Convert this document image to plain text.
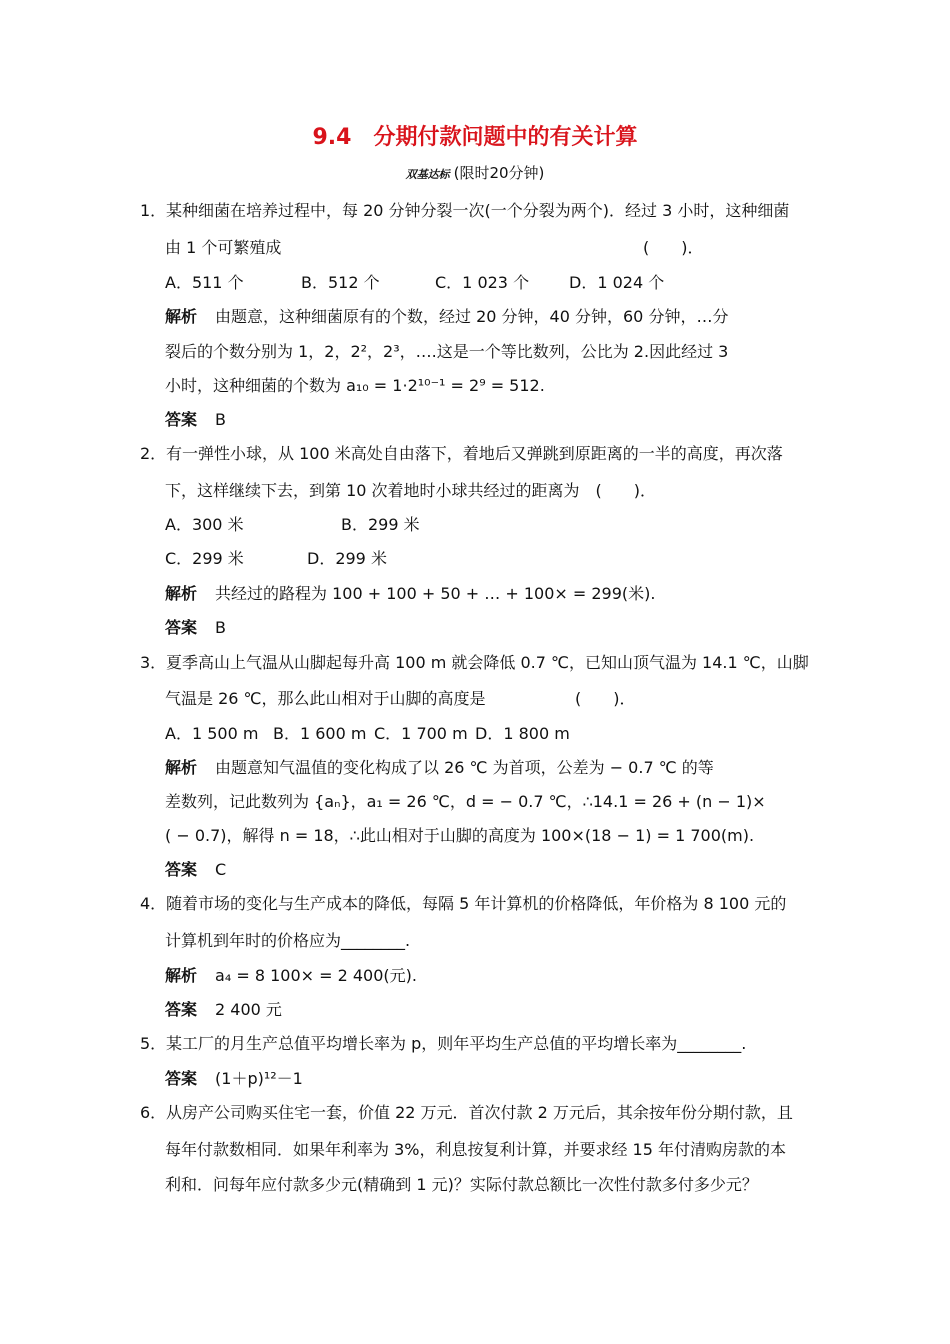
9.4 分期付款问题中的有关计算
双基达标 (限时20分钟)
1．某种细菌在培养过程中，每 20 分钟分裂一次(一个分裂为两个)．经过 3 小时，这种细菌
由 1 个可繁殖成	(　　)．
A．511 个	B．512 个	C．1 023 个 D．1 024 个
解析 由题意，这种细菌原有的个数，经过 20 分钟，40 分钟，60 分钟，…分
裂后的个数分别为 1，2，2²，2³，….这是一个等比数列，公比为 2.因此经过 3
小时，这种细菌的个数为 a₁₀ = 1·2¹⁰⁻¹ = 2⁹ = 512.
答案 B
2．有一弹性小球，从 100 米高处自由落下，着地后又弹跳到原距离的一半的高度，再次落
下，这样继续下去，到第 10 次着地时小球共经过的距离为　(　　)．
A．300 米	B．299 米
C．299 米	D．299 米
解析 共经过的路程为 100 + 100 + 50 + … + 100× = 299(米).
答案 B
3．夏季高山上气温从山脚起每升高 100 m 就会降低 0.7 ℃，已知山顶气温为 14.1 ℃，山脚
气温是 26 ℃，那么此山相对于山脚的高度是	(　　)．
A．1 500 m B．1 600 m C．1 700 m D．1 800 m
解析 由题意知气温值的变化构成了以 26 ℃ 为首项，公差为 − 0.7 ℃ 的等
差数列，记此数列为 {aₙ}，a₁ = 26 ℃，d = − 0.7 ℃，∴14.1 = 26 + (n − 1)×
( − 0.7)，解得 n = 18，∴此山相对于山脚的高度为 100×(18 − 1) = 1 700(m).
答案 C
4．随着市场的变化与生产成本的降低，每隔 5 年计算机的价格降低，年价格为 8 100 元的
计算机到年时的价格应为________.
解析 a₄ = 8 100× = 2 400(元).
答案 2 400 元
5．某工厂的月生产总值平均增长率为 p，则年平均生产总值的平均增长率为________.
答案 (1＋p)¹²－1
6．从房产公司购买住宅一套，价值 22 万元．首次付款 2 万元后，其余按年份分期付款，且
每年付款数相同．如果年利率为 3%，利息按复利计算，并要求经 15 年付清购房款的本
利和．问每年应付款多少元(精确到 1 元)？实际付款总额比一次性付款多付多少元？
